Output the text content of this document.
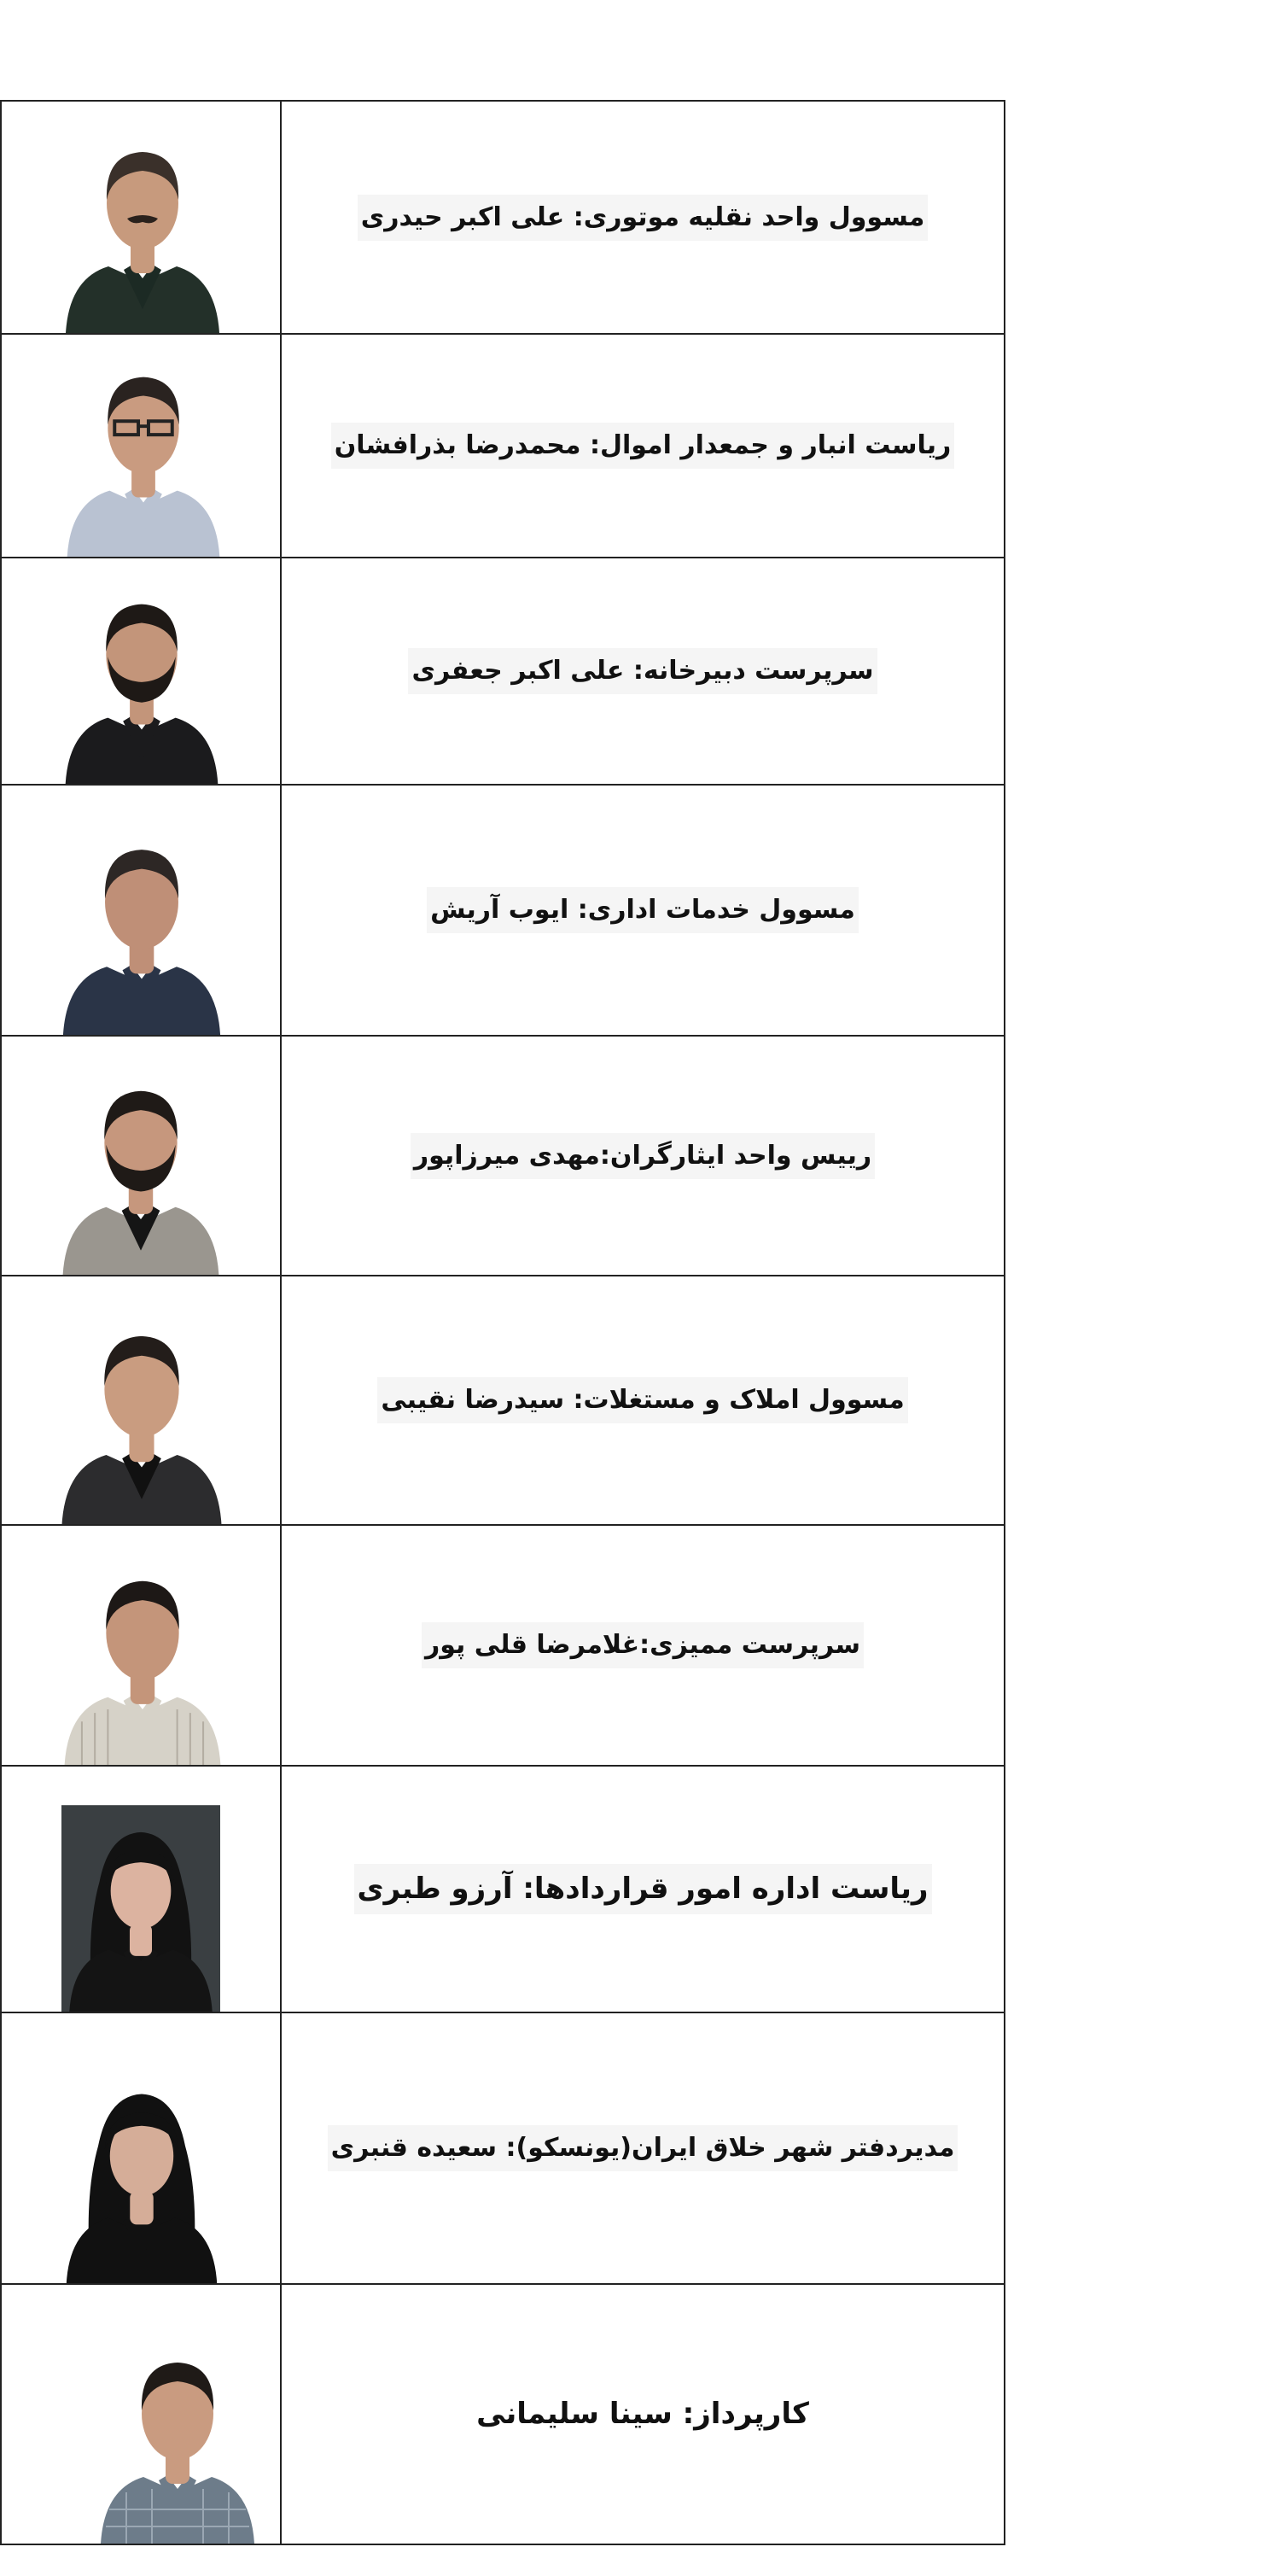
	مسوول واحد نقلیه موتوری: علی اکبر حیدری

	ریاست انبار و جمعدار اموال: محمدرضا بذرافشان

	سرپرست دبیرخانه: علی اکبر جعفری

	مسوول خدمات اداری: ایوب آریش

	رییس واحد ایثارگران:مهدی میرزاپور

	مسوول املاک و مستغلات: سیدرضا نقیبی

	سرپرست ممیزی:غلامرضا قلی پور

	ریاست اداره امور قراردادها: آرزو طبری

	مدیردفتر شهر خلاق ایران(یونسکو): سعیده قنبری

	کارپرداز: سینا سلیمانی
